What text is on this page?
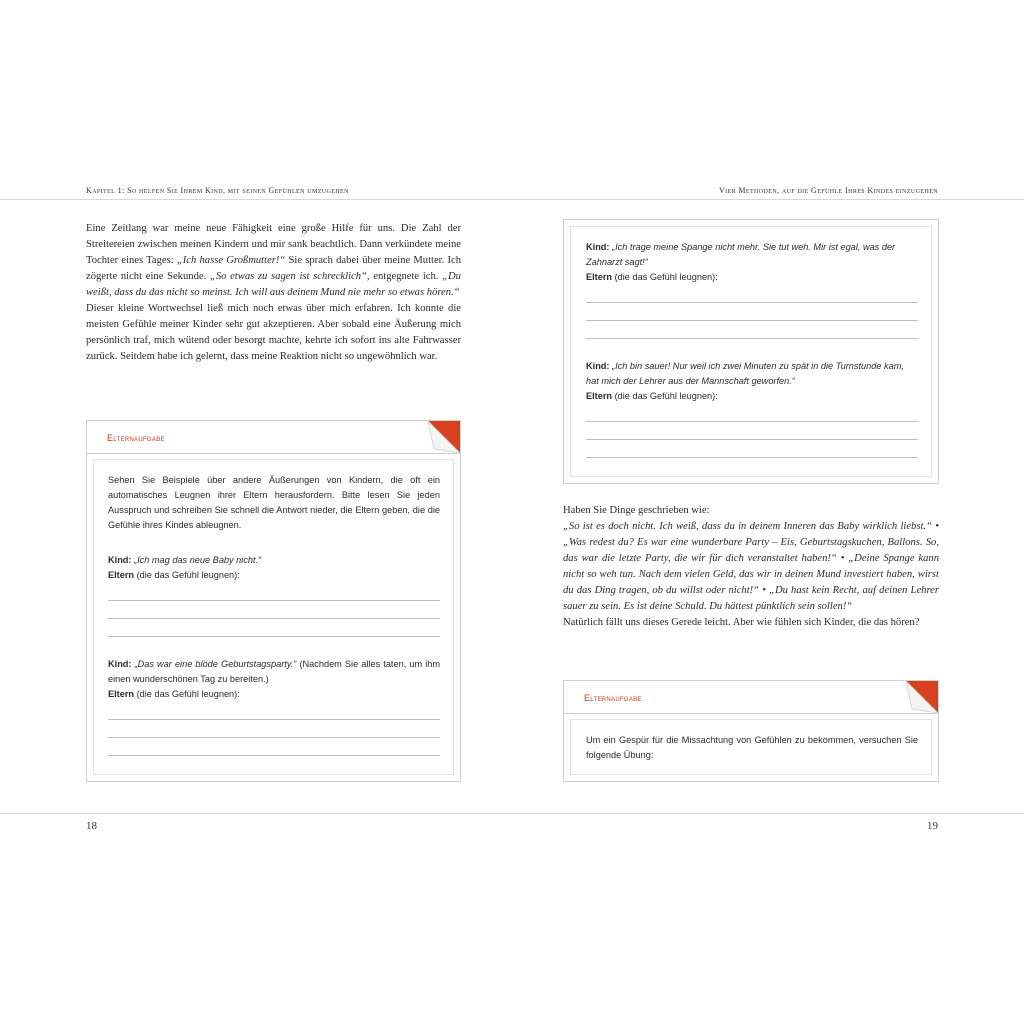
Kapitel 1: So helfen Sie Ihrem Kind, mit seinen Gefühlen umzugehen	Vier Methoden, auf die Gefühle Ihres Kindes einzugehen

Eine Zeitlang war meine neue Fähigkeit eine große Hilfe für uns. Die Zahl der Streitereien zwischen meinen Kindern und mir sank beachtlich. Dann verkündete meine Tochter eines Tages: „Ich hasse Großmutter!“ Sie sprach dabei über meine Mutter. Ich zögerte nicht eine Sekunde. „So etwas zu sagen ist schrecklich“, entgegnete ich. „Du weißt, dass du das nicht so meinst. Ich will aus deinem Mund nie mehr so etwas hören.“

Dieser kleine Wortwechsel ließ mich noch etwas über mich erfahren. Ich konnte die meisten Gefühle meiner Kinder sehr gut akzeptieren. Aber sobald eine Äußerung mich persönlich traf, mich wütend oder besorgt machte, kehrte ich sofort ins alte Fahrwasser zurück. Seitdem habe ich gelernt, dass meine Reaktion nicht so ungewöhnlich war.

Elternaufgabe

Sehen Sie Beispiele über andere Äußerungen von Kindern, die oft ein automatisches Leugnen ihrer Eltern herausfordern. Bitte lesen Sie jeden Ausspruch und schreiben Sie schnell die Antwort nieder, die Eltern geben, die die Gefühle ihres Kindes ableugnen.

Kind: „Ich mag das neue Baby nicht.“

Eltern (die das Gefühl leugnen):

Kind: „Das war eine blöde Geburtstagsparty.“ (Nachdem Sie alles taten, um ihm einen wunderschönen Tag zu bereiten.)

Eltern (die das Gefühl leugnen):

Kind: „Ich trage meine Spange nicht mehr. Sie tut weh. Mir ist egal, was der Zahnarzt sagt!“

Eltern (die das Gefühl leugnen):

Kind: „Ich bin sauer! Nur weil ich zwei Minuten zu spät in die Turnstunde kam, hat mich der Lehrer aus der Mannschaft geworfen.“

Eltern (die das Gefühl leugnen):

Haben Sie Dinge geschrieben wie:

„So ist es doch nicht. Ich weiß, dass du in deinem Inneren das Baby wirklich liebst.“ • „Was redest du? Es war eine wunderbare Party – Eis, Geburtstagskuchen, Ballons. So, das war die letzte Party, die wir für dich veranstaltet haben!“ • „Deine Spange kann nicht so weh tun. Nach dem vielen Geld, das wir in deinen Mund investiert haben, wirst du das Ding tragen, ob du willst oder nicht!“ • „Du hast kein Recht, auf deinen Lehrer sauer zu sein. Es ist deine Schuld. Du hättest pünktlich sein sollen!“

Natürlich fällt uns dieses Gerede leicht. Aber wie fühlen sich Kinder, die das hören?

Elternaufgabe
Um ein Gespür für die Missachtung von Gefühlen zu bekommen, versuchen Sie folgende Übung:
18	19
